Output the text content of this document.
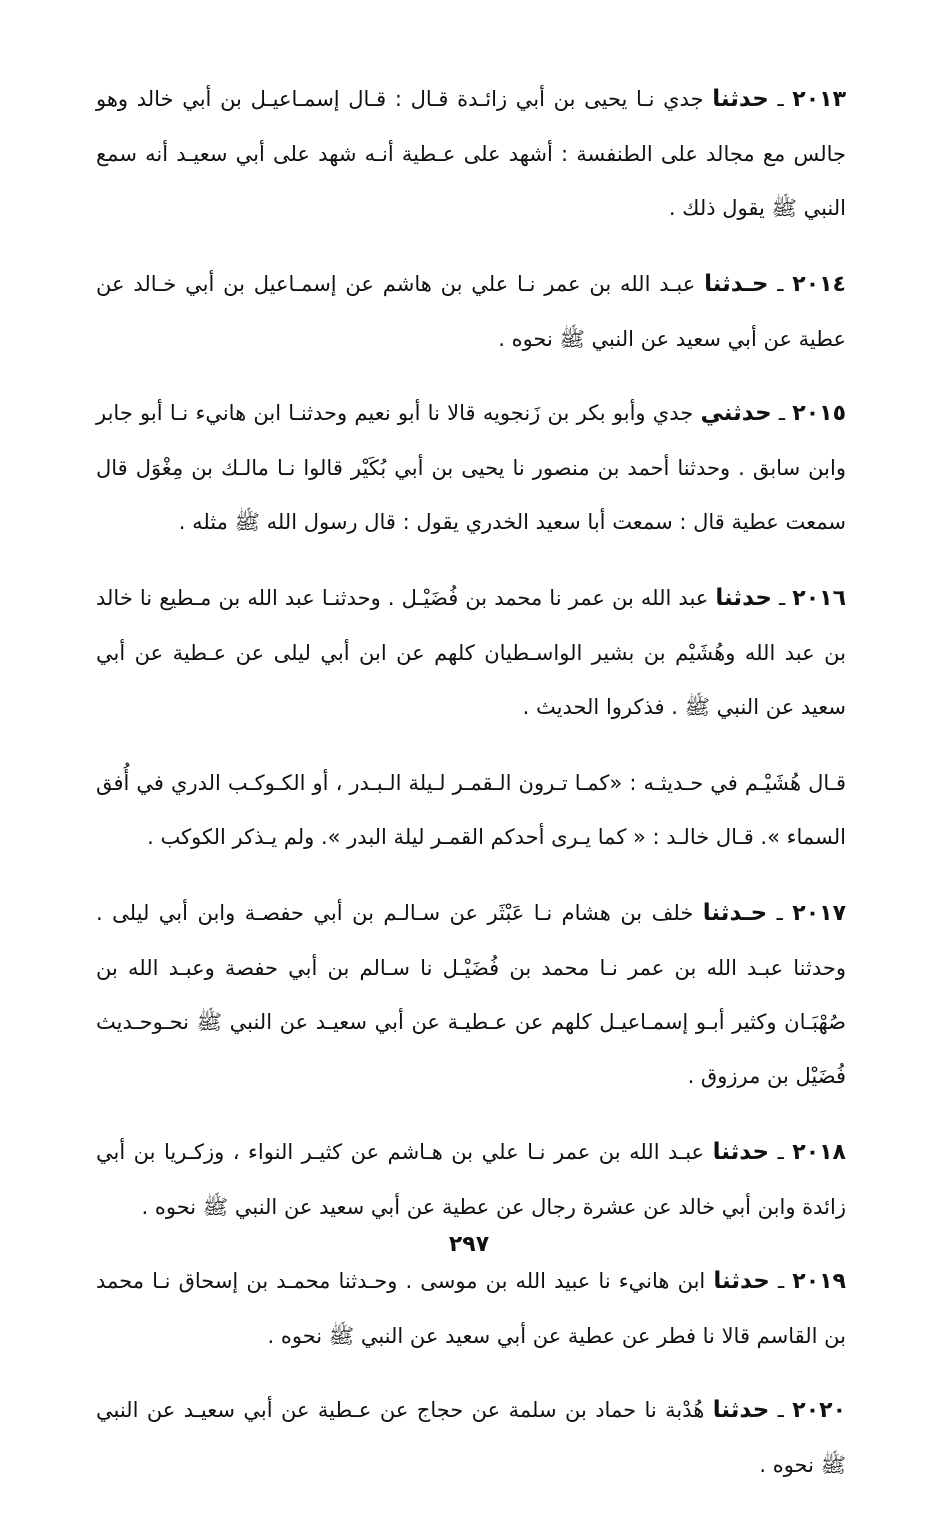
٢٠١٣ ـ حدثنا جدي نـا يحيى بن أبي زائـدة قـال : قـال إسمـاعيـل بن أبي خالد وهو جالس مع مجالد على الطنفسة : أشهد على عـطية أنـه شهد على أبي سعيـد أنه سمع النبي ﷺ يقول ذلك .

٢٠١٤ ـ حـدثنا عبـد الله بن عمر نـا علي بن هاشم عن إسمـاعيل بن أبي خـالد عن عطية عن أبي سعيد عن النبي ﷺ نحوه .

٢٠١٥ ـ حدثني جدي وأبو بكر بن زَنجويه قالا نا أبو نعيم وحدثنـا ابن هانيء نـا أبو جابر وابن سابق . وحدثنا أحمد بن منصور نا يحيى بن أبي بُكَيْر قالوا نـا مالـك بن مِغْوَل قال سمعت عطية قال : سمعت أبا سعيد الخدري يقول : قال رسول الله ﷺ مثله .

٢٠١٦ ـ حدثنا عبد الله بن عمر نا محمد بن فُضَيْـل . وحدثنـا عبد الله بن مـطيع نا خالد بن عبد الله وهُشَيْم بن بشير الواسـطيان كلهم عن ابن أبي ليلى عن عـطية عن أبي سعيد عن النبي ﷺ . فذكروا الحديث .

قـال هُشَيْـم في حـديثـه : «كمـا تـرون الـقمـر لـيلة الـبـدر ، أو الكـوكـب الدري في أُفق السماء ». قـال خالـد : « كما يـرى أحدكم القمـر ليلة البدر ». ولم يـذكر الكوكب .

٢٠١٧ ـ حـدثنا خلف بن هشام نـا عَبْثَر عن سـالـم بن أبي حفصـة وابن أبي ليلى . وحدثنا عبـد الله بن عمر نـا محمد بن فُضَيْـل نا سـالم بن أبي حفصة وعبـد الله بن صُهْبَـان وكثير أبـو إسمـاعيـل كلهم عن عـطيـة عن أبي سعيـد عن النبي ﷺ نحـوحـديث فُضَيْل بن مرزوق .

٢٠١٨ ـ حدثنا عبـد الله بن عمر نـا علي بن هـاشم عن كثيـر النواء ، وزكـريا بن أبي زائدة وابن أبي خالد عن عشرة رجال عن عطية عن أبي سعيد عن النبي ﷺ نحوه .

٢٠١٩ ـ حدثنا ابن هانيء نا عبيد الله بن موسى . وحـدثنا محمـد بن إسحاق نـا محمد بن القاسم قالا نا فطر عن عطية عن أبي سعيد عن النبي ﷺ نحوه .

٢٠٢٠ ـ حدثنا هُدْبة نا حماد بن سلمة عن حجاج عن عـطية عن أبي سعيـد عن النبي ﷺ نحوه .

٢٩٧
